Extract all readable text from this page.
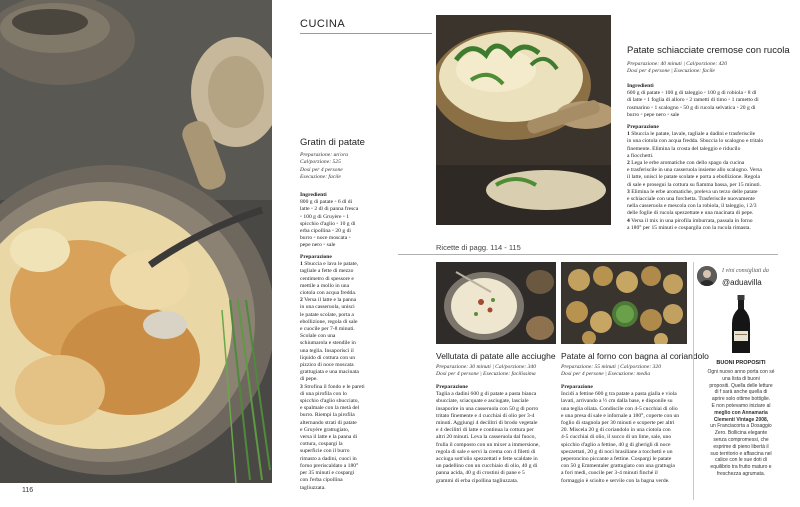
CUCINA
Gratin di patate
Preparazione: un'ora
Cal/porzione: 525
Dosi per 4 persone
Esecuzione: facile
Ingredienti
800 g di patate ◦ 6 dl di
latte ◦ 2 dl di panna fresca
◦ 100 g di Gruyère ◦ 1
spicchio d'aglio ◦ 10 g di
erba cipollina ◦ 20 g di
burro ◦ noce moscata ◦
pepe nero ◦ sale
Preparazione
1 Sbuccia e lava le patate,
tagliale a fette di mezzo
centimetro di spessore e
mettile a mollo in una
ciotola con acqua fredda.
2 Versa il latte e la panna
in una casseruola, unisci
le patate scolate, porta a
ebollizione, regola di sale
e cuocile per 7-8 minuti.
Scolale con una
schiumarola e stendile in
una teglia. Insaporisci il
liquido di cottura con un
pizzico di noce moscata
grattugiata e una macinata
di pepe.
3 Strofina il fondo e le pareti
di una pirofila con lo
spicchio d'aglio sbucciato,
e spalmale con la metà del
burro. Riempi la pirofila
alternando strati di patate
e Gruyère grattugiato,
versa il latte e la panna di
cottura, cospargi la
superficie con il burro
rimasto a dadini, cuoci in
forno preriscaldato a 180°
per 35 minuti e cospargi
con l'erba cipollina
tagliuzzata.
116
Patate schiacciate cremose con rucola
Preparazione: 40 minuti | Cal/porzione: 420
Dosi per 4 persone | Esecuzione: facile
Ingredienti
600 g di patate ◦ 100 g di taleggio ◦ 100 g di robiola ◦ 8 dl
di latte ◦ 1 foglia di alloro ◦ 2 rametti di timo ◦ 1 rametto di
rosmarino ◦ 1 scalogno ◦ 50 g di rucola selvatica ◦ 20 g di
burro ◦ pepe nero ◦ sale
Preparazione
1 Sbuccia le patate, lavale, tagliale a dadini e trasferiscile
in una ciotola con acqua fredda. Sbuccia lo scalogno e tritalo
finemente. Elimina la crosta del taleggio e riducilo
a fiocchetti.
2 Lega le erbe aromatiche con dello spago da cucina
e trasferiscile in una casseruola insieme allo scalogno. Versa
il latte, unisci le patate scolate e porta a ebollizione. Regola
di sale e prosegui la cottura su fiamma bassa, per 15 minuti.
3 Elimina le erbe aromatiche, preleva un terzo delle patate
e schiacciale con una forchetta. Trasferiscile nuovamente
nella casseruola e mescola con la robiola, il taleggio, i 2/3
delle foglie di rucola spezzettate e una macinata di pepe.
4 Versa il mix in una pirofila imburrata, passala in forno
a 180° per 15 minuti e cospargila con la rucola rimasta.
Ricette di pagg. 114 - 115
Vellutata di patate alle acciughe
Preparazione: 30 minuti | Cal/porzione: 340
Dosi per 4 persone | Esecuzione: facilissima
Preparazione
Taglia a dadini 600 g di patate a pasta bianca
sbucciate, sciacquate e asciugate, lasciale
insaporire in una casseruola con 50 g di porro
tritato finemente e 4 cucchiai di olio per 3-4
minuti. Aggiungi 4 decilitri di brodo vegetale
e 4 decilitri di latte e continua la cottura per
altri 20 minuti. Leva la casseruola dal fuoco,
frulla il composto con un mixer a immersione,
regola di sale e servi la crema con 4 filetti di
acciuga sott'olio spezzettati e fette scaldate in
un padellino con un cucchiaio di olio, 40 g di
panna acida, 40 g di crostini di pane e 5
grammi di erba cipollina tagliuzzata.
Patate al forno con bagna al coriandolo
Preparazione: 55 minuti | Cal/porzione: 320
Dosi per 4 persone | Esecuzione: media
Preparazione
Incidi a fettine 600 g tra patate a pasta gialla e viola
lavati, arrivando a ½ cm dalla base, e disponile su
una teglia oliata. Condiscile con 4-5 cucchiai di olio
e una presa di sale e infornale a 180°, coperte con un
foglio di stagnola per 30 minuti e scoperte per altri
20. Miscela 20 g di coriandolo in una ciotola con
4-5 cucchiai di olio, il succo di un lime, sale, uno
spicchio d'aglio a fettine, 40 g di gherigli di noce
spezzettati, 20 g di noci brasiliane a tocchetti e un
peperoncino piccante a fettine. Cospargi le patate
con 50 g Emmentaler grattugiato con una grattugia
a fori medi, cuocile per 3-4 minuti finché il
formaggio è sciolto e servile con la bagna verde.
I vini consigliati da
@aduavilla
BUONI PROPOSITI
Ogni nuovo anno porta con sé
una lista di buoni
propositi. Quella delle letture
di f sarà anche quella di
aprire solo ottime bottiglie.
E non potevamo iniziare al
meglio con Annamaria
Clementi Vintage 2008,
un Franciacorta a Dosaggio
Zero. Bollicina elegante
senza compromessi, che
esprime di pieno libertà il
suo territorio e affascina nel
calice con le sue doti di
equilibrio tra frutto maturo e
freschezza agrumata.
